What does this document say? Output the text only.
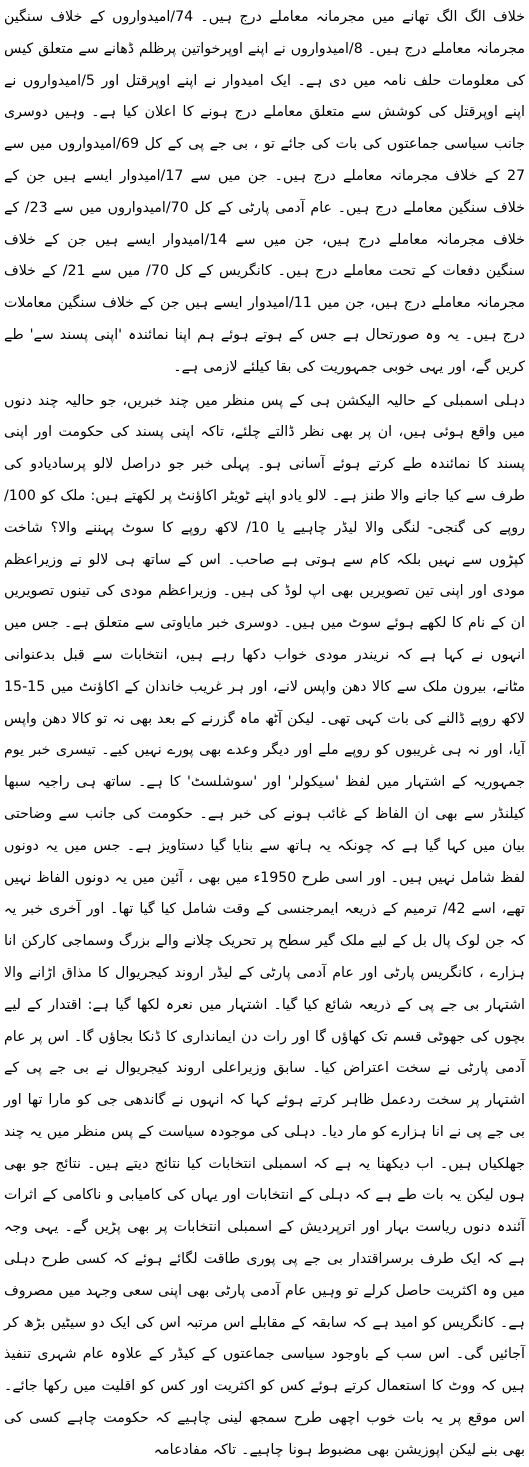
خلاف الگ الگ تھانے میں مجرمانہ معاملے درج ہیں۔ 74/امیدواروں کے خلاف سنگین مجرمانہ معاملے درج ہیں۔ 8/امیدواروں نے اپنے اوپرخواتین پرظلم ڈھانے سے متعلق کیس کی معلومات حلف نامہ میں دی ہے۔ ایک امیدوار نے اپنے اوپرقتل اور 5/امیدواروں نے اپنے اوپرقتل کی کوشش سے متعلق معاملے درج ہونے کا اعلان کیا ہے۔ وہیں دوسری جانب سیاسی جماعتوں کی بات کی جائے تو ، بی جے پی کے کل 69/امیدواروں میں سے 27 کے خلاف مجرمانہ معاملے درج ہیں۔ جن میں سے 17/امیدوار ایسے ہیں جن کے خلاف سنگین معاملے درج ہیں۔ عام آدمی پارٹی کے کل 70/امیدواروں میں سے 23/ کے خلاف مجرمانہ معاملے درج ہیں، جن میں سے 14/امیدوار ایسے ہیں جن کے خلاف سنگین دفعات کے تحت معاملے درج ہیں۔ کانگریس کے کل 70/ میں سے 21/ کے خلاف مجرمانہ معاملے درج ہیں، جن میں 11/امیدوار ایسے ہیں جن کے خلاف سنگین معاملات درج ہیں۔ یہ وہ صورتحال ہے جس کے ہوتے ہوئے ہم اپنا نمائندہ 'اپنی پسند سے' طے کریں گے، اور یہی خوبی جمہوریت کی بقا کیلئے لازمی ہے۔

دہلی اسمبلی کے حالیہ الیکشن ہی کے پس منظر میں چند خبریں، جو حالیہ چند دنوں میں واقع ہوئی ہیں، ان پر بھی نظر ڈالتے چلئے، تاکہ اپنی پسند کی حکومت اور اپنی پسند کا نمائندہ طے کرتے ہوئے آسانی ہو۔ پہلی خبر جو دراصل لالو پرسادیادو کی طرف سے کیا جانے والا طنز ہے۔ لالو یادو اپنے ٹویٹر اکاؤنٹ پر لکھتے ہیں: ملک کو 100/ روپے کی گنجی- لنگی والا لیڈر چاہیے یا 10/ لاکھ روپے کا سوٹ پہننے والا؟ شاخت کپڑوں سے نہیں بلکہ کام سے ہوتی ہے صاحب۔ اس کے ساتھ ہی لالو نے وزیراعظم مودی اور اپنی تین تصویریں بھی اپ لوڈ کی ہیں۔ وزیراعظم مودی کی تینوں تصویریں ان کے نام کا لکھے ہوئے سوٹ میں ہیں۔ دوسری خبر مایاوتی سے متعلق ہے۔ جس میں انہوں نے کہا ہے کہ نریندر مودی خواب دکھا رہے ہیں، انتخابات سے قبل بدعنوانی مٹانے، بیرون ملک سے کالا دھن واپس لانے، اور ہر غریب خاندان کے اکاؤنٹ میں 15-15 لاکھ روپے ڈالنے کی بات کہی تھی۔ لیکن آٹھ ماہ گزرنے کے بعد بھی نہ تو کالا دھن واپس آیا، اور نہ ہی غریبوں کو روپے ملے اور دیگر وعدے بھی پورے نہیں کیے۔ تیسری خبر یوم جمہوریہ کے اشتہار میں لفظ 'سیکولر' اور 'سوشلسٹ' کا ہے۔ ساتھ ہی راجیہ سبھا کیلنڈر سے بھی ان الفاظ کے غائب ہونے کی خبر ہے۔ حکومت کی جانب سے وضاحتی بیان میں کہا گیا ہے کہ چونکہ یہ ہاتھ سے بنایا گیا دستاویز ہے۔ جس میں یہ دونوں لفظ شامل نہیں ہیں۔ اور اسی طرح 1950ء میں بھی ، آئین میں یہ دونوں الفاظ نہیں تھے، اسے 42/ ترمیم کے ذریعہ ایمرجنسی کے وقت شامل کیا گیا تھا۔ اور آخری خبر یہ کہ جن لوک پال بل کے لیے ملک گیر سطح پر تحریک چلانے والے بزرگ وسماجی کارکن انا ہزارے ، کانگریس پارٹی اور عام آدمی پارٹی کے لیڈر اروند کیجریوال کا مذاق اڑانے والا اشتہار بی جے پی کے ذریعہ شائع کیا گیا۔ اشتہار میں نعرہ لکھا گیا ہے: اقتدار کے لیے بچوں کی جھوٹی قسم تک کھاؤں گا اور رات دن ایمانداری کا ڈنکا بجاؤں گا۔ اس پر عام آدمی پارٹی نے سخت اعتراض کیا۔ سابق وزیراعلی اروند کیجریوال نے بی جے پی کے اشتہار پر سخت ردعمل ظاہر کرتے ہوئے کہا کہ انہوں نے گاندھی جی کو مارا تھا اور بی جے پی نے انا ہزارے کو مار دیا۔ دہلی کی موجودہ سیاست کے پس منظر میں یہ چند جھلکیاں ہیں۔ اب دیکھنا یہ ہے کہ اسمبلی انتخابات کیا نتائج دیتے ہیں۔ نتائج جو بھی ہوں لیکن یہ بات طے ہے کہ دہلی کے انتخابات اور یہاں کی کامیابی و ناکامی کے اثرات آئندہ دنوں ریاست بہار اور اترپردیش کے اسمبلی انتخابات پر بھی پڑیں گے۔ یہی وجہ ہے کہ ایک طرف برسراقتدار بی جے پی پوری طاقت لگائے ہوئے کہ کسی طرح دہلی میں وہ اکثریت حاصل کرلے تو وہیں عام آدمی پارٹی بھی اپنی سعی وجہد میں مصروف ہے۔ کانگریس کو امید ہے کہ سابقہ کے مقابلے اس مرتبہ اس کی ایک دو سیٹیں بڑھ کر آجائیں گی۔ اس سب کے باوجود سیاسی جماعتوں کے کیڈر کے علاوہ عام شہری تنفیذ ہیں کہ ووٹ کا استعمال کرتے ہوئے کس کو اکثریت اور کس کو اقلیت میں رکھا جائے۔ اس موقع پر یہ بات خوب اچھی طرح سمجھ لینی چاہیے کہ حکومت چاہے کسی کی بھی بنے لیکن اپوزیشن بھی مضبوط ہونا چاہیے۔ تاکہ مفادعامہ
